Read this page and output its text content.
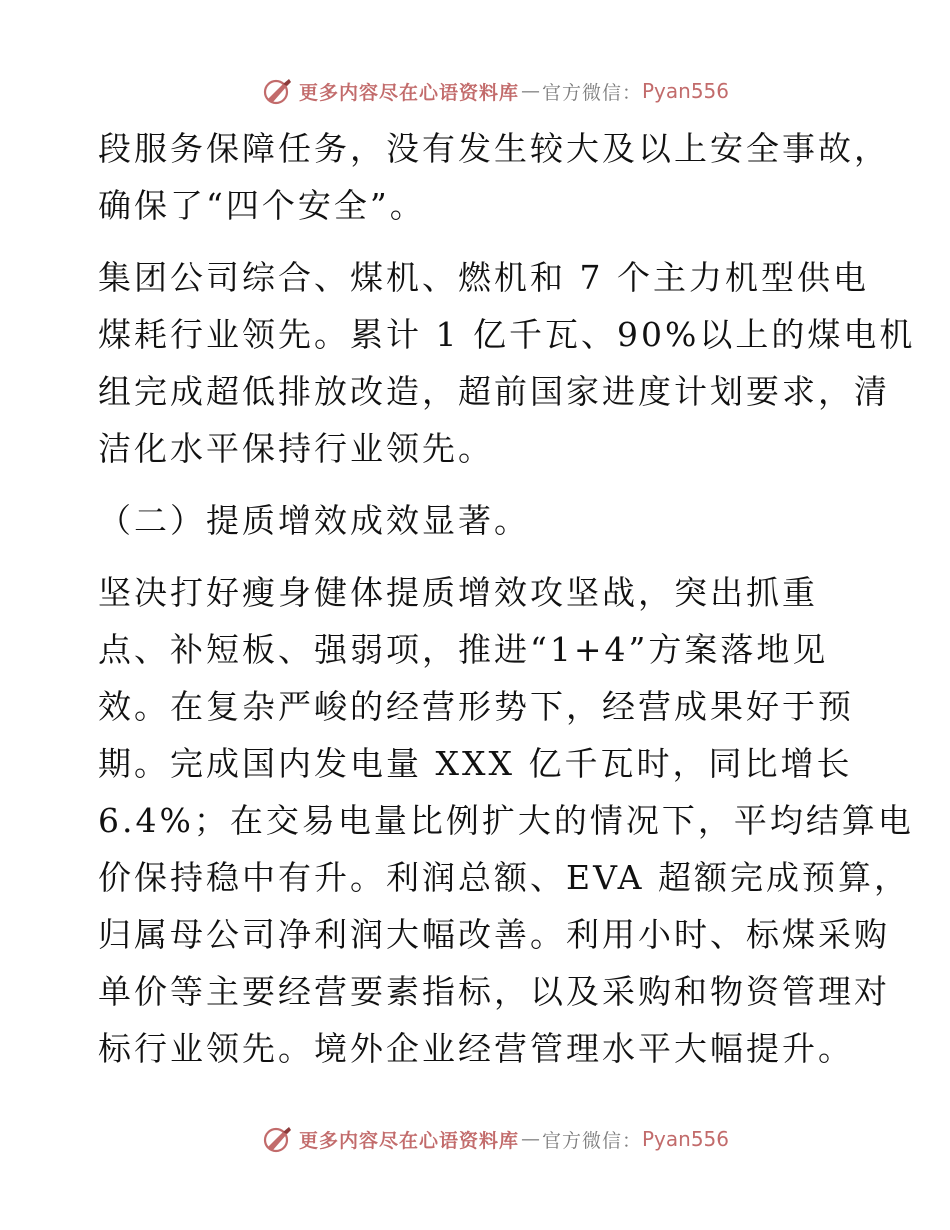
更多内容尽在心语资料库 — 官方微信： Pyan556
段服务保障任务，没有发生较大及以上安全事故，
确保了“四个安全”。
集团公司综合、煤机、燃机和 7 个主力机型供电
煤耗行业领先。累计 1 亿千瓦、90%以上的煤电机
组完成超低排放改造，超前国家进度计划要求，清
洁化水平保持行业领先。
（二）提质增效成效显著。
坚决打好瘦身健体提质增效攻坚战，突出抓重
点、补短板、强弱项，推进“1+4”方案落地见
效。在复杂严峻的经营形势下，经营成果好于预
期。完成国内发电量 XXX 亿千瓦时，同比增长
6.4%；在交易电量比例扩大的情况下，平均结算电
价保持稳中有升。利润总额、EVA 超额完成预算，
归属母公司净利润大幅改善。利用小时、标煤采购
单价等主要经营要素指标，以及采购和物资管理对
标行业领先。境外企业经营管理水平大幅提升。
更多内容尽在心语资料库 — 官方微信： Pyan556
